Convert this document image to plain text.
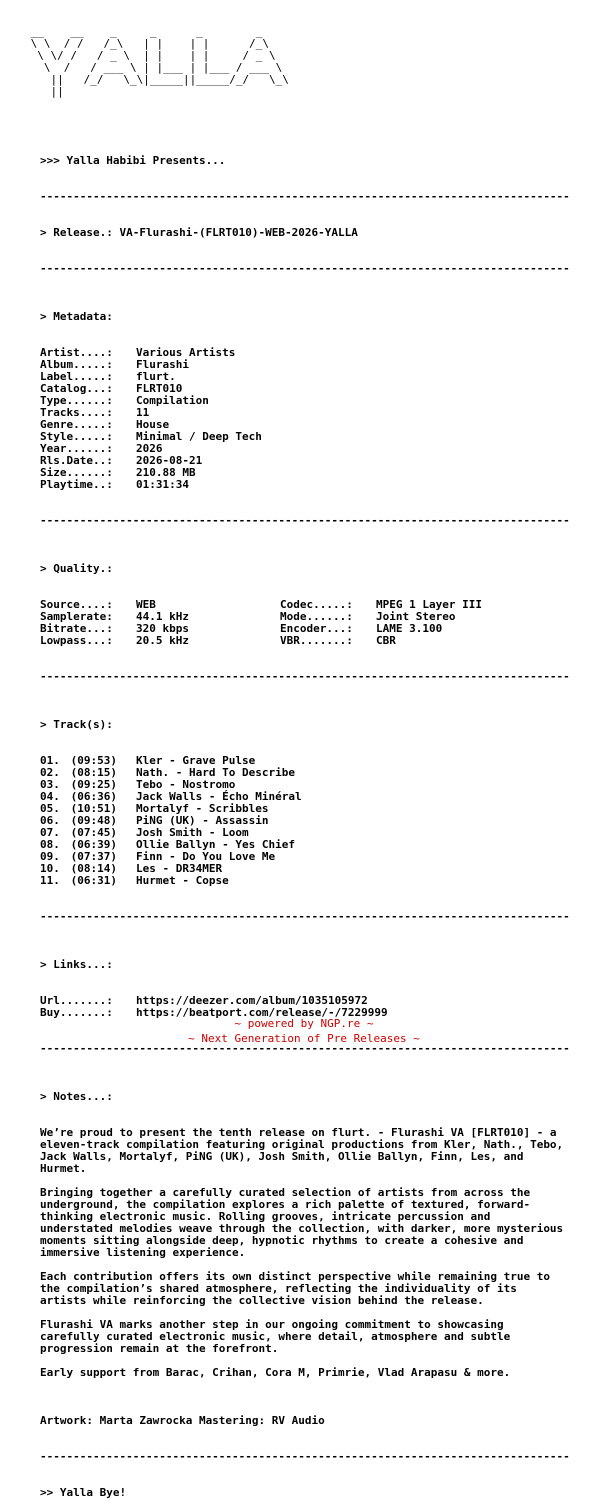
__    __    _     _      _        _
\ \  / /   /_\   | |    | |      /_\
\ \/ /   / _ \  | |    | |     / _ \
\  /   / ___ \ | |___ | |___ / ___ \
||   /_/   \_\|_____||_____/_/   \_\
||

>>> Yalla Habibi Presents...

-----

> Release.: VA-Flurashi-(FLRT010)-WEB-2026-YALLA

-----

> Metadata:

Artist....: Various Artists
Album.....: Flurashi
Label.....: flurt.
Catalog...: FLRT010
Type......: Compilation
Tracks....: 11
Genre.....: House
Style.....: Minimal / Deep Tech
Year......: 2026
Rls.Date..: 2026-08-21
Size......: 210.88 MB
Playtime..: 01:31:34

-----

> Quality.:

Source....: WEB	Codec.....: MPEG 1 Layer III
Samplerate: 44.1 kHz	Mode......: Joint Stereo
Bitrate...: 320 kbps	Encoder...: LAME 3.100
Lowpass...: 20.5 kHz	VBR.......: CBR

-----

> Track(s):

01. (09:53) Kler - Grave Pulse
02. (08:15) Nath. - Hard To Describe
03. (09:25) Tebo - Nostromo
04. (06:36) Jack Walls - Écho Minéral
05. (10:51) Mortalyf - Scribbles
06. (09:48) PiNG (UK) - Assassin
07. (07:45) Josh Smith - Loom
08. (06:39) Ollie Ballyn - Yes Chief
09. (07:37) Finn - Do You Love Me
10. (08:14) Les - DR34MER
11. (06:31) Hurmet - Copse

-----

> Links...:

Url.......: https://deezer.com/album/1035105972
Buy.......: https://beatport.com/release/-/7229999

-----

> Notes...:

We’re proud to present the tenth release on flurt. - Flurashi VA [FLRT010] - a eleven-track compilation featuring original productions from Kler, Nath., Tebo, Jack Walls, Mortalyf, PiNG (UK), Josh Smith, Ollie Ballyn, Finn, Les, and Hurmet.

Bringing together a carefully curated selection of artists from across the underground, the compilation explores a rich palette of textured, forward-thinking electronic music. Rolling grooves, intricate percussion and understated melodies weave through the collection, with darker, more mysterious moments sitting alongside deep, hypnotic rhythms to create a cohesive and immersive listening experience.

Each contribution offers its own distinct perspective while remaining true to the compilation’s shared atmosphere, reflecting the individuality of its artists while reinforcing the collective vision behind the release.

Flurashi VA marks another step in our ongoing commitment to showcasing carefully curated electronic music, where detail, atmosphere and subtle progression remain at the forefront.

Early support from Barac, Crihan, Cora M, Primrie, Vlad Arapasu & more.

Artwork: Marta Zawrocka Mastering: RV Audio

-----

>> Yalla Bye!

~ powered by NGP.re ~
~ Next Generation of Pre Releases ~
